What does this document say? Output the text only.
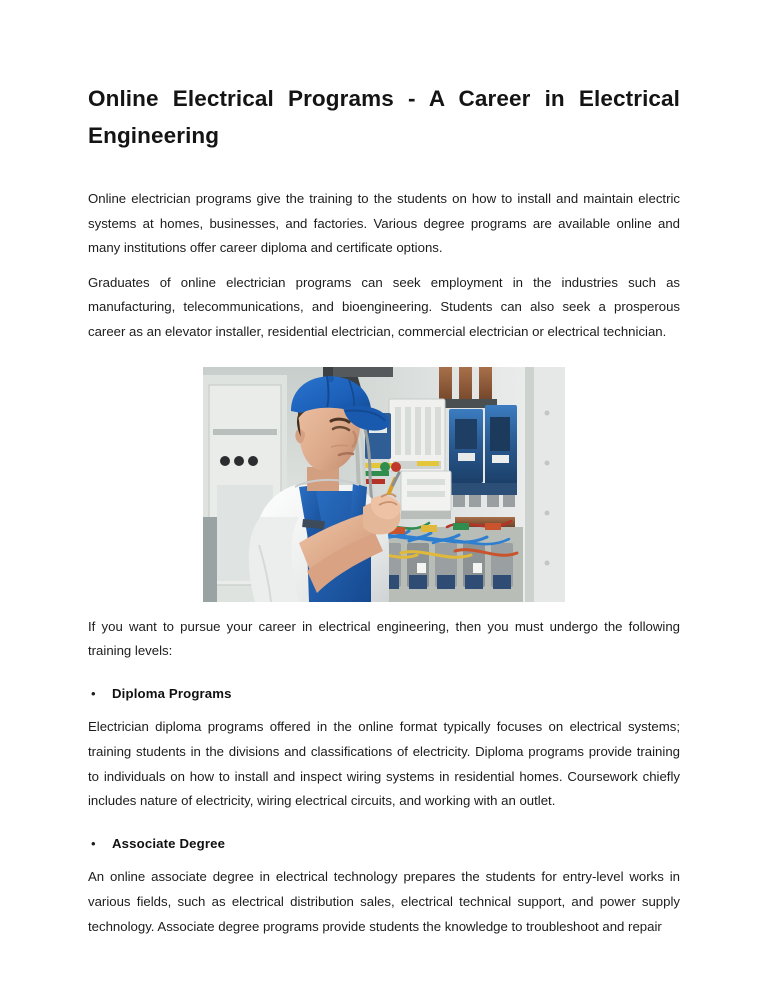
Online Electrical Programs - A Career in Electrical Engineering

Online electrician programs give the training to the students on how to install and maintain electric systems at homes, businesses, and factories. Various degree programs are available online and many institutions offer career diploma and certificate options.

Graduates of online electrician programs can seek employment in the industries such as manufacturing, telecommunications, and bioengineering. Students can also seek a prosperous career as an elevator installer, residential electrician, commercial electrician or electrical technician.

If you want to pursue your career in electrical engineering, then you must undergo the following training levels:

•	Diploma Programs

Electrician diploma programs offered in the online format typically focuses on electrical systems; training students in the divisions and classifications of electricity. Diploma programs provide training to individuals on how to install and inspect wiring systems in residential homes. Coursework chiefly includes nature of electricity, wiring electrical circuits, and working with an outlet.

•	Associate Degree

An online associate degree in electrical technology prepares the students for entry-level works in various fields, such as electrical distribution sales, electrical technical support, and power supply technology. Associate degree programs provide students the knowledge to troubleshoot and repair
